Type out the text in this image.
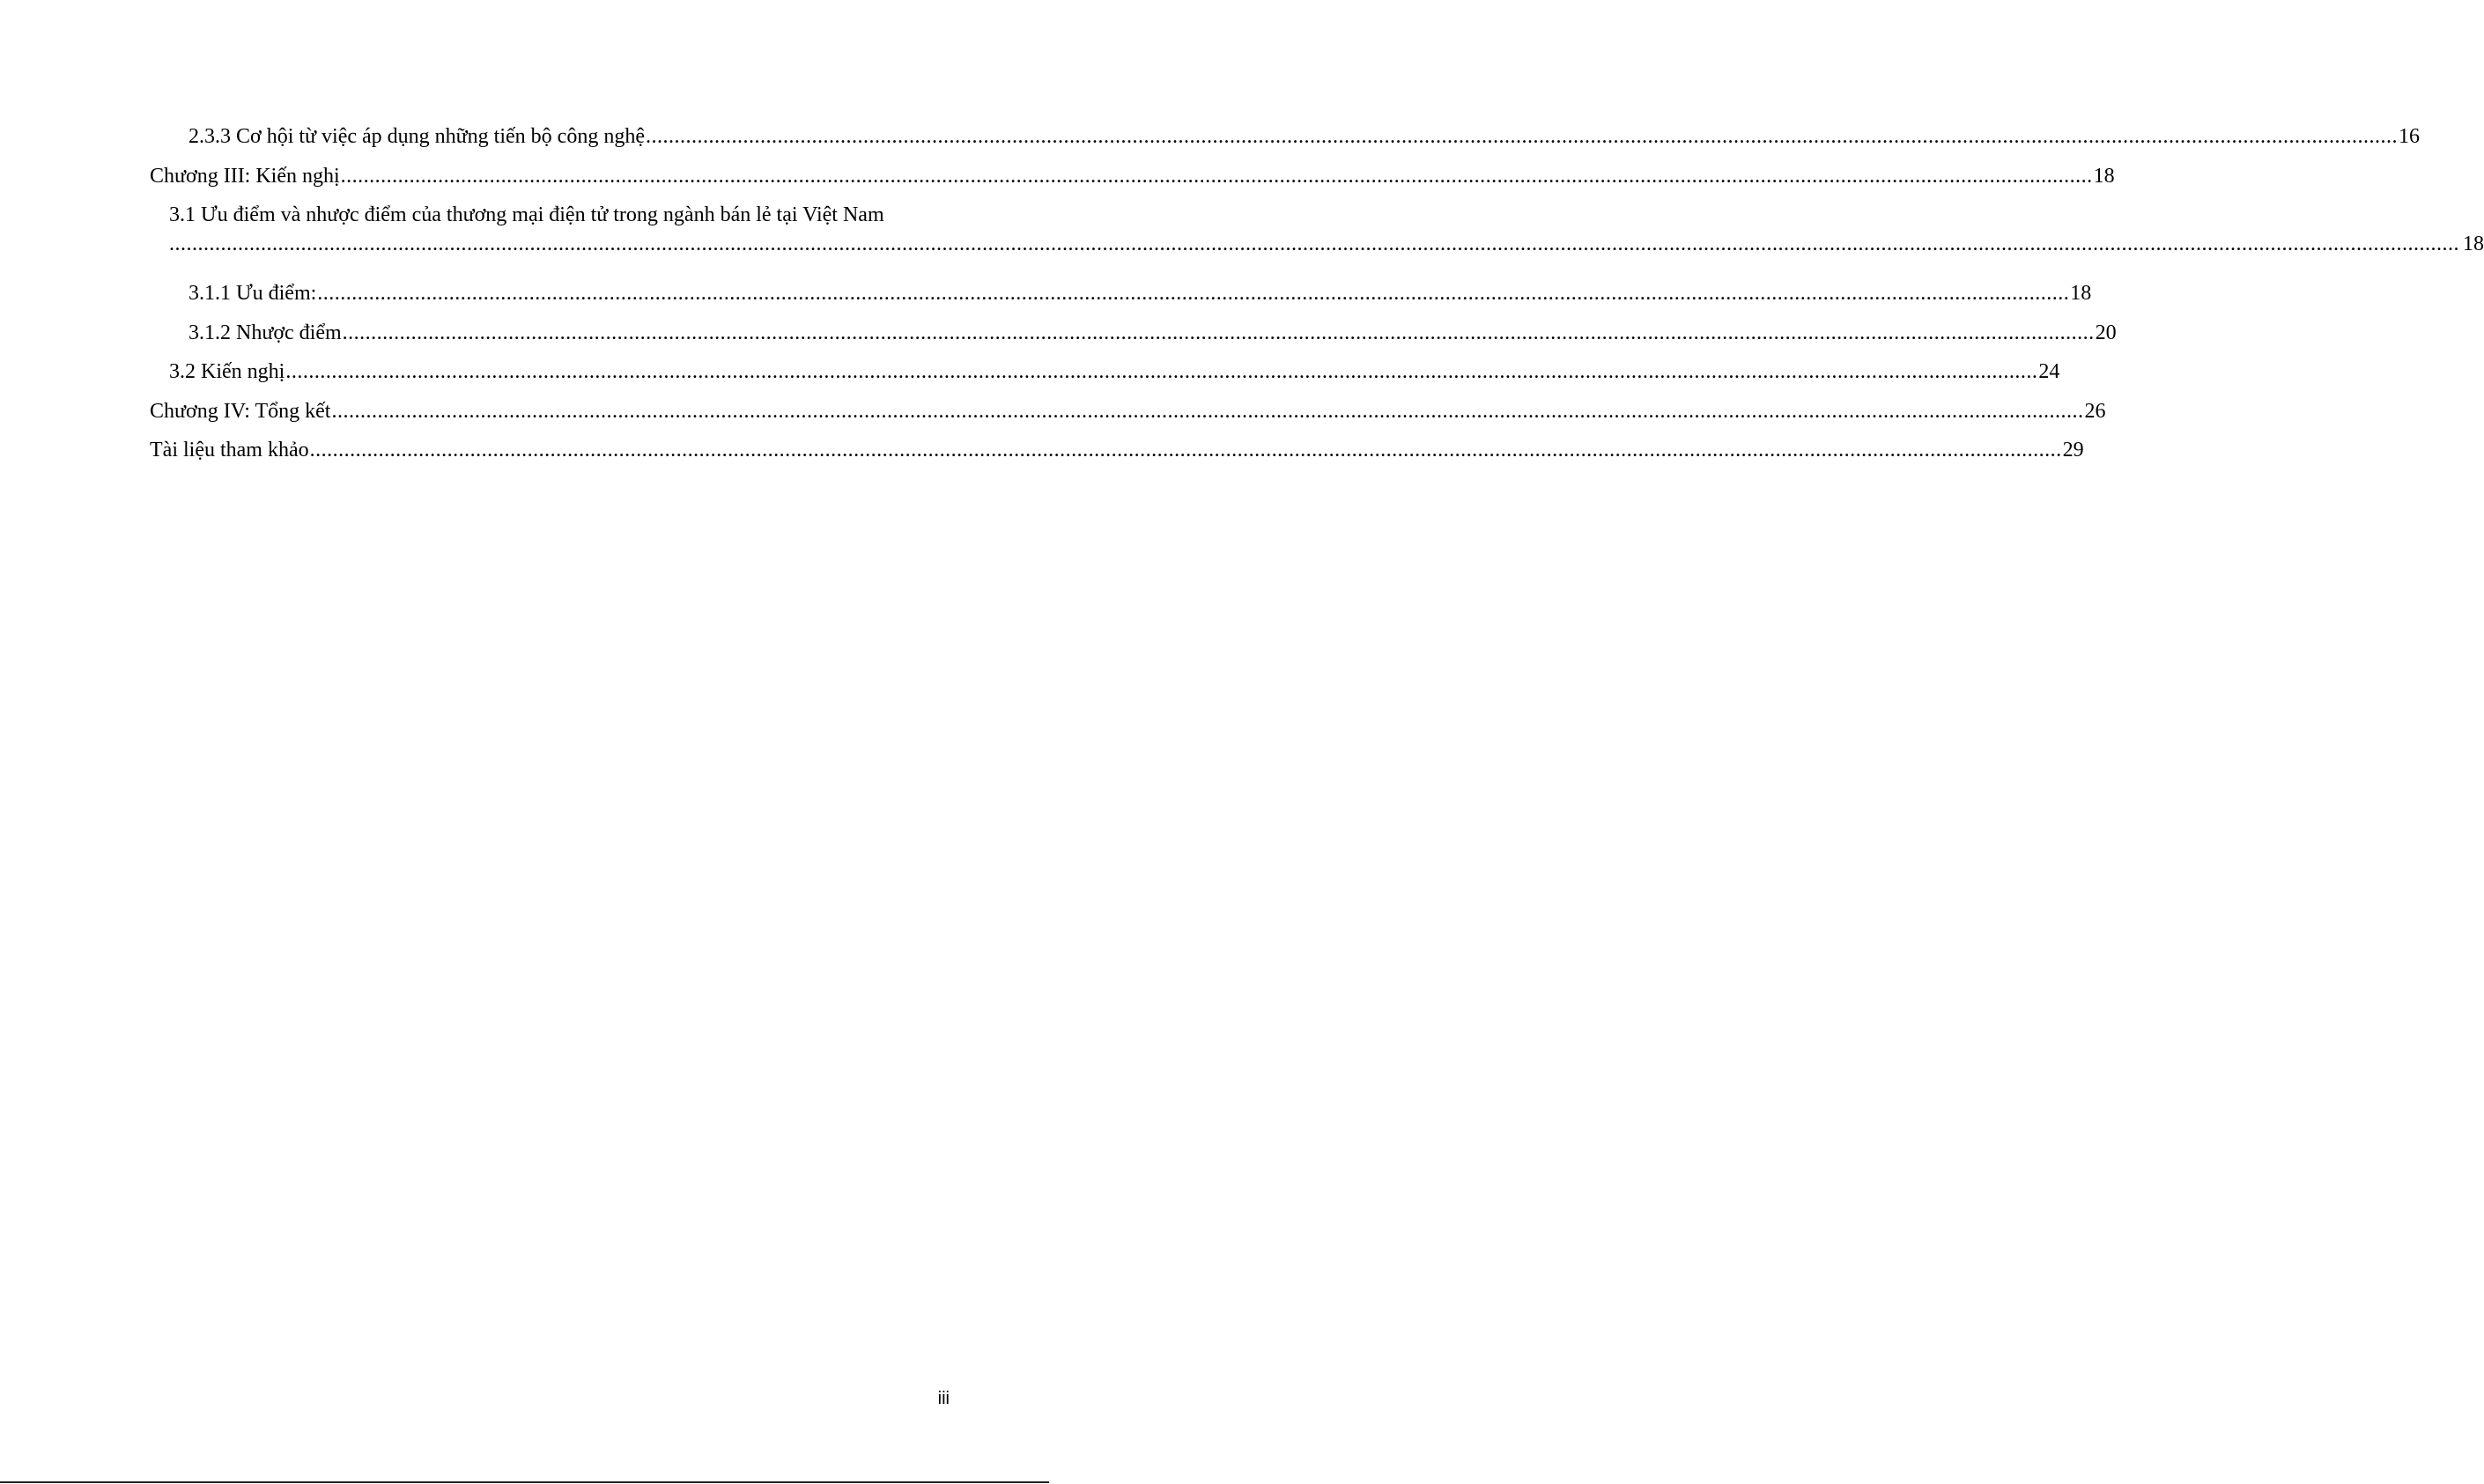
2.3.3 Cơ hội từ việc áp dụng những tiến bộ công nghệ .....	16
Chương III: Kiến nghị .....	18
3.1 Ưu điểm và nhược điểm của thương mại điện tử trong ngành bán lẻ tại Việt Nam
................................................................................................................................................................................................................................................................................................................................................................................................................ 18
3.1.1 Ưu điểm: .....	18
3.1.2 Nhược điểm .....	20
3.2 Kiến nghị .....	24
Chương IV: Tổng kết .....	26
Tài liệu tham khảo .....	29
iii
